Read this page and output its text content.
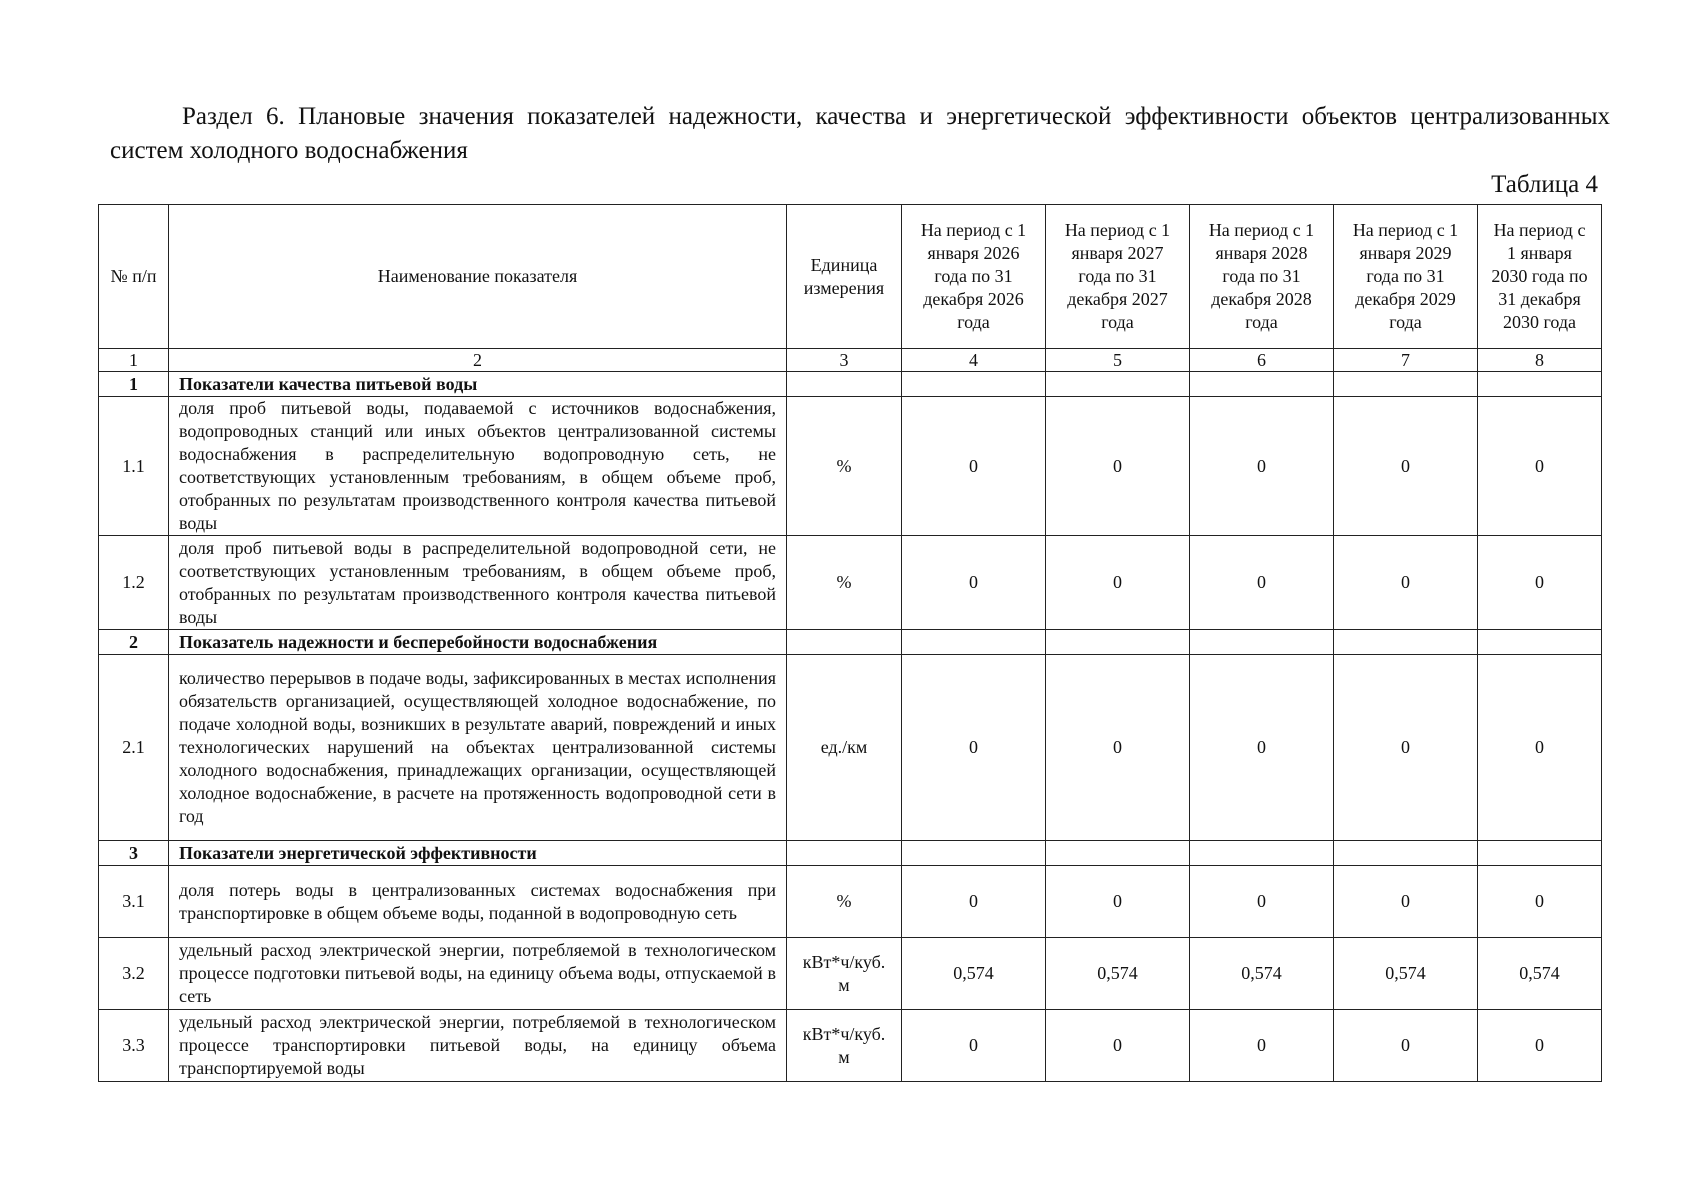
Раздел 6. Плановые значения показателей надежности, качества и энергетической эффективности объектов централизованных систем холодного водоснабжения
Таблица 4
№ п/п	Наименование показателя	Единица измерения	На период с 1 января 2026 года по 31 декабря 2026 года	На период с 1 января 2027 года по 31 декабря 2027 года	На период с 1 января 2028 года по 31 декабря 2028 года	На период с 1 января 2029 года по 31 декабря 2029 года	На период с 1 января 2030 года по 31 декабря 2030 года
1	2	3	4	5	6	7	8
1	Показатели качества питьевой воды						
1.1	доля проб питьевой воды, подаваемой с источников водоснабжения, водопроводных станций или иных объектов централизованной системы водоснабжения в распределительную водопроводную сеть, не соответствующих установленным требованиям, в общем объеме проб, отобранных по результатам производственного контроля качества питьевой воды	%	0	0	0	0	0
1.2	доля проб питьевой воды в распределительной водопроводной сети, не соответствующих установленным требованиям, в общем объеме проб, отобранных по результатам производственного контроля качества питьевой воды	%	0	0	0	0	0
2	Показатель надежности и бесперебойности водоснабжения						
2.1	количество перерывов в подаче воды, зафиксированных в местах исполнения обязательств организацией, осуществляющей холодное водоснабжение, по подаче холодной воды, возникших в результате аварий, повреждений и иных технологических нарушений на объектах централизованной системы холодного водоснабжения, принадлежащих организации, осуществляющей холодное водоснабжение, в расчете на протяженность водопроводной сети в год	ед./км	0	0	0	0	0
3	Показатели энергетической эффективности						
3.1	доля потерь воды в централизованных системах водоснабжения при транспортировке в общем объеме воды, поданной в водопроводную сеть	%	0	0	0	0	0
3.2	удельный расход электрической энергии, потребляемой в технологическом процессе подготовки питьевой воды, на единицу объема воды, отпускаемой в сеть	кВт*ч/куб. м	0,574	0,574	0,574	0,574	0,574
3.3	удельный расход электрической энергии, потребляемой в технологическом процессе транспортировки питьевой воды, на единицу объема транспортируемой воды	кВт*ч/куб. м	0	0	0	0	0
